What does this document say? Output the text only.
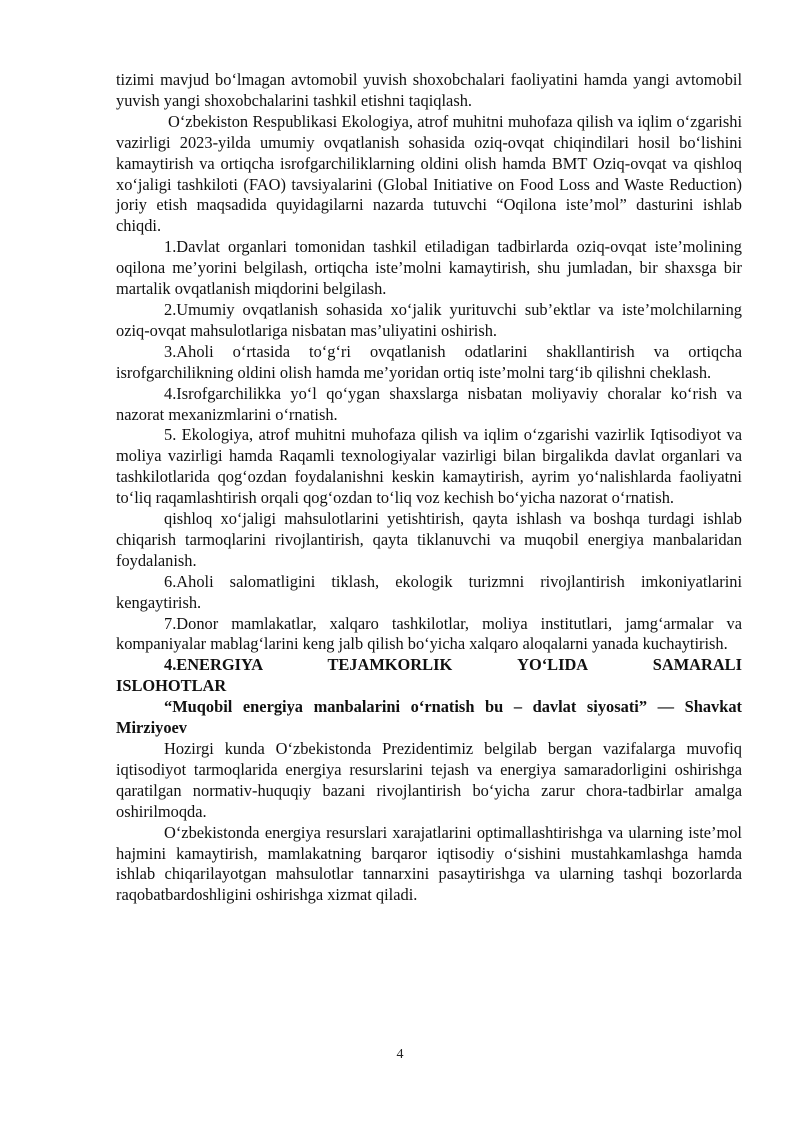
tizimi mavjud bo‘lmagan avtomobil yuvish shoxobchalari faoliyatini hamda yangi avtomobil yuvish yangi shoxobchalarini tashkil etishni taqiqlash.

O‘zbekiston Respublikasi Ekologiya, atrof muhitni muhofaza qilish va iqlim o‘zgarishi vazirligi 2023-yilda umumiy ovqatlanish sohasida oziq-ovqat chiqindilari hosil bo‘lishini kamaytirish va ortiqcha isrofgarchiliklarning oldini olish hamda BMT Oziq-ovqat va qishloq xo‘jaligi tashkiloti (FAO) tavsiyalarini (Global Initiative on Food Loss and Waste Reduction) joriy etish maqsadida quyidagilarni nazarda tutuvchi “Oqilona iste’mol” dasturini ishlab chiqdi.

1.Davlat organlari tomonidan tashkil etiladigan tadbirlarda oziq-ovqat iste’molining oqilona me’yorini belgilash, ortiqcha iste’molni kamaytirish, shu jumladan, bir shaxsga bir martalik ovqatlanish miqdorini belgilash.

2.Umumiy ovqatlanish sohasida xo‘jalik yurituvchi sub’ektlar va iste’molchilarning oziq-ovqat mahsulotlariga nisbatan mas’uliyatini oshirish.

3.Aholi o‘rtasida to‘g‘ri ovqatlanish odatlarini shakllantirish va ortiqcha isrofgarchilikning oldini olish hamda me’yoridan ortiq iste’molni targ‘ib qilishni cheklash.

4.Isrofgarchilikka yo‘l qo‘ygan shaxslarga nisbatan moliyaviy choralar ko‘rish va nazorat mexanizmlarini o‘rnatish.

5. Ekologiya, atrof muhitni muhofaza qilish va iqlim o‘zgarishi vazirlik Iqtisodiyot va moliya vazirligi hamda Raqamli texnologiyalar vazirligi bilan birgalikda davlat organlari va tashkilotlarida qog‘ozdan foydalanishni keskin kamaytirish, ayrim yo‘nalishlarda faoliyatni to‘liq raqamlashtirish orqali qog‘ozdan to‘liq voz kechish bo‘yicha nazorat o‘rnatish.

qishloq xo‘jaligi mahsulotlarini yetishtirish, qayta ishlash va boshqa turdagi ishlab chiqarish tarmoqlarini rivojlantirish, qayta tiklanuvchi va muqobil energiya manbalaridan foydalanish.

6.Aholi salomatligini tiklash, ekologik turizmni rivojlantirish imkoniyatlarini kengaytirish.

7.Donor mamlakatlar, xalqaro tashkilotlar, moliya institutlari, jamg‘armalar va kompaniyalar mablag‘larini keng jalb qilish bo‘yicha xalqaro aloqalarni yanada kuchaytirish.

4.ENERGIYA TEJAMKORLIK YO‘LIDA SAMARALI

ISLOHOTLAR

“Muqobil energiya manbalarini o‘rnatish bu – davlat siyosati” — Shavkat Mirziyoev

Hozirgi kunda O‘zbekistonda Prezidentimiz belgilab bergan vazifalarga muvofiq iqtisodiyot tarmoqlarida energiya resurslarini tejash va energiya samaradorligini oshirishga qaratilgan normativ-huquqiy bazani rivojlantirish bo‘yicha zarur chora-tadbirlar amalga oshirilmoqda.

O‘zbekistonda energiya resurslari xarajatlarini optimallashtirishga va ularning iste’mol hajmini kamaytirish, mamlakatning barqaror iqtisodiy o‘sishini mustahkamlashga hamda ishlab chiqarilayotgan mahsulotlar tannarxini pasaytirishga va ularning tashqi bozorlarda raqobatbardoshligini oshirishga xizmat qiladi.

4
